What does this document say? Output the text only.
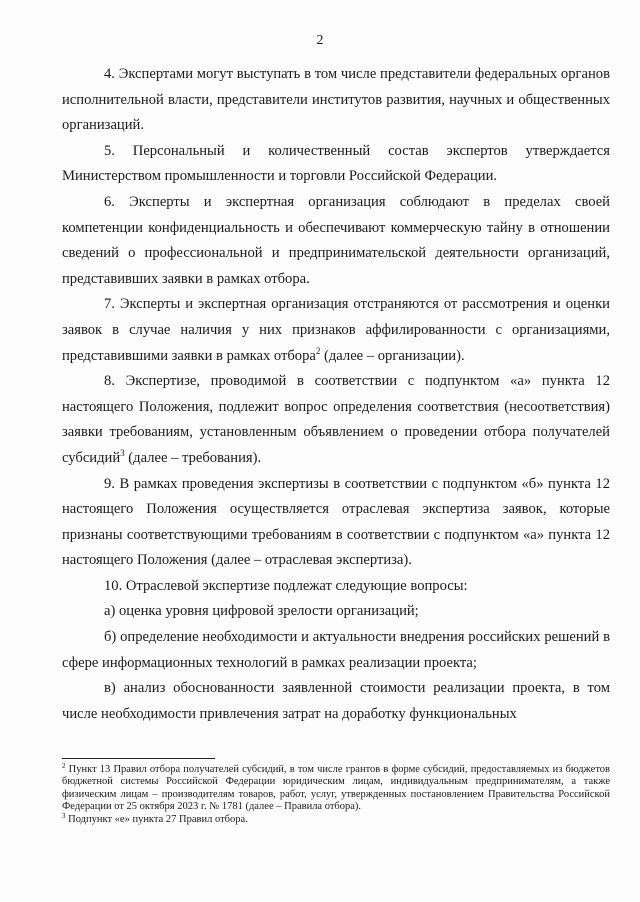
2

4. Экспертами могут выступать в том числе представители федеральных органов исполнительной власти, представители институтов развития, научных и общественных организаций.

5. Персональный и количественный состав экспертов утверждается Министерством промышленности и торговли Российской Федерации.

6. Эксперты и экспертная организация соблюдают в пределах своей компетенции конфиденциальность и обеспечивают коммерческую тайну в отношении сведений о профессиональной и предпринимательской деятельности организаций, представивших заявки в рамках отбора.

7. Эксперты и экспертная организация отстраняются от рассмотрения и оценки заявок в случае наличия у них признаков аффилированности с организациями, представившими заявки в рамках отбора$^2$ (далее – организации).

8. Экспертизе, проводимой в соответствии с подпунктом «а» пункта 12 настоящего Положения, подлежит вопрос определения соответствия (несоответствия) заявки требованиям, установленным объявлением о проведении отбора получателей субсидий$^3$ (далее – требования).

9. В рамках проведения экспертизы в соответствии с подпунктом «б» пункта 12 настоящего Положения осуществляется отраслевая экспертиза заявок, которые признаны соответствующими требованиям в соответствии с подпунктом «а» пункта 12 настоящего Положения (далее – отраслевая экспертиза).

10. Отраслевой экспертизе подлежат следующие вопросы:

а) оценка уровня цифровой зрелости организаций;

б) определение необходимости и актуальности внедрения российских решений в сфере информационных технологий в рамках реализации проекта;

в) анализ обоснованности заявленной стоимости реализации проекта, в том числе необходимости привлечения затрат на доработку функциональных

$^2$ Пункт 13 Правил отбора получателей субсидий, в том числе грантов в форме субсидий, предоставляемых из бюджетов бюджетной системы Российской Федерации юридическим лицам, индивидуальным предпринимателям, а также физическим лицам – производителям товаров, работ, услуг, утвержденных постановлением Правительства Российской Федерации от 25 октября 2023 г. № 1781 (далее – Правила отбора).

$^3$ Подпункт «е» пункта 27 Правил отбора.
